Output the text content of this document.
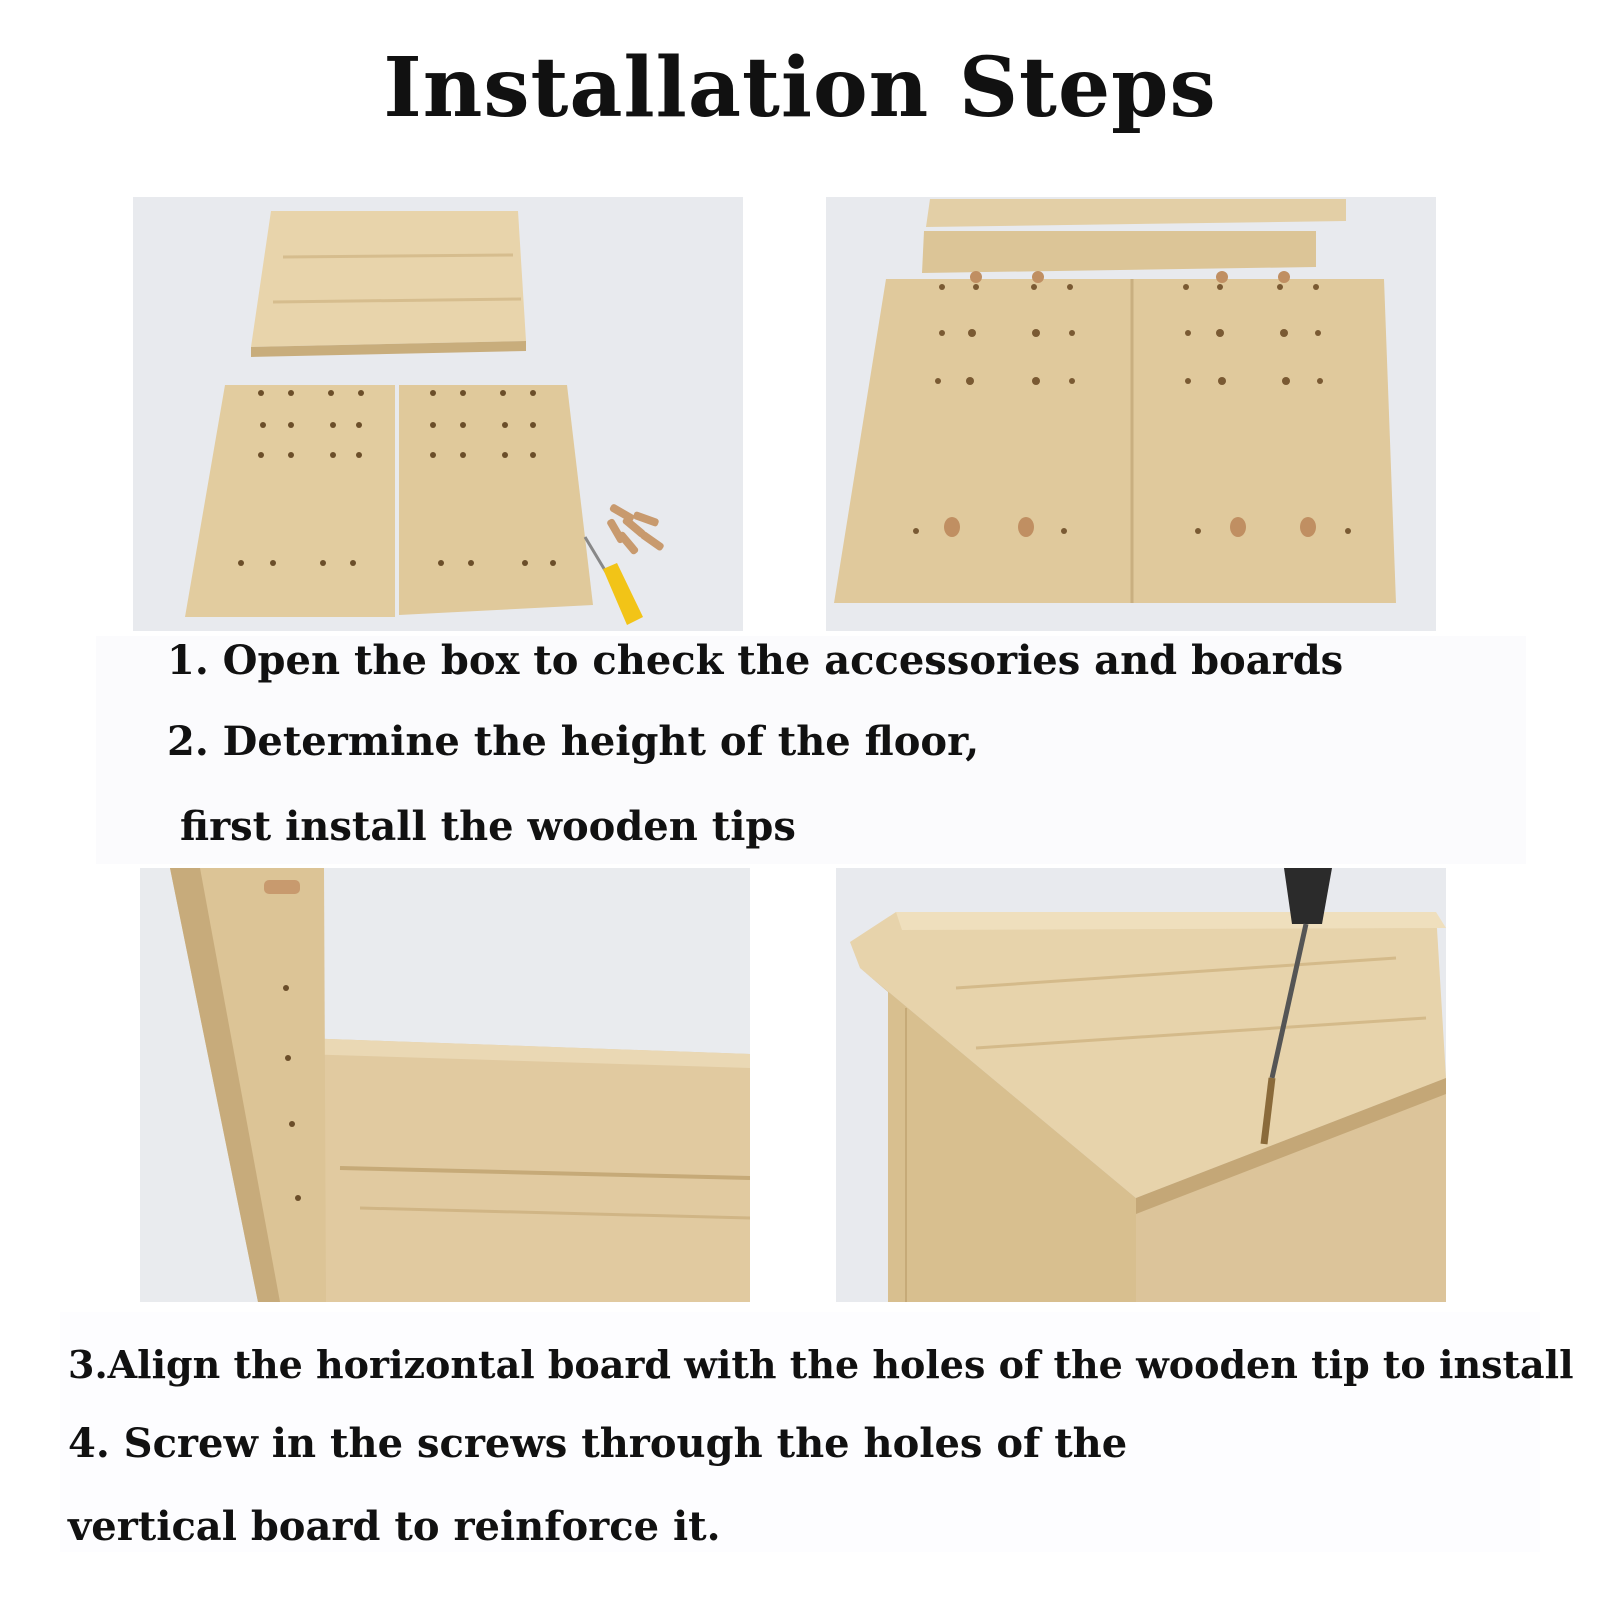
Installation Steps
1. Open the box to check the accessories and boards
2. Determine the height of the floor,
first install the wooden tips
3.Align the horizontal board with the holes of the wooden tip to install
4. Screw in the screws through the holes of the
vertical board to reinforce it.
